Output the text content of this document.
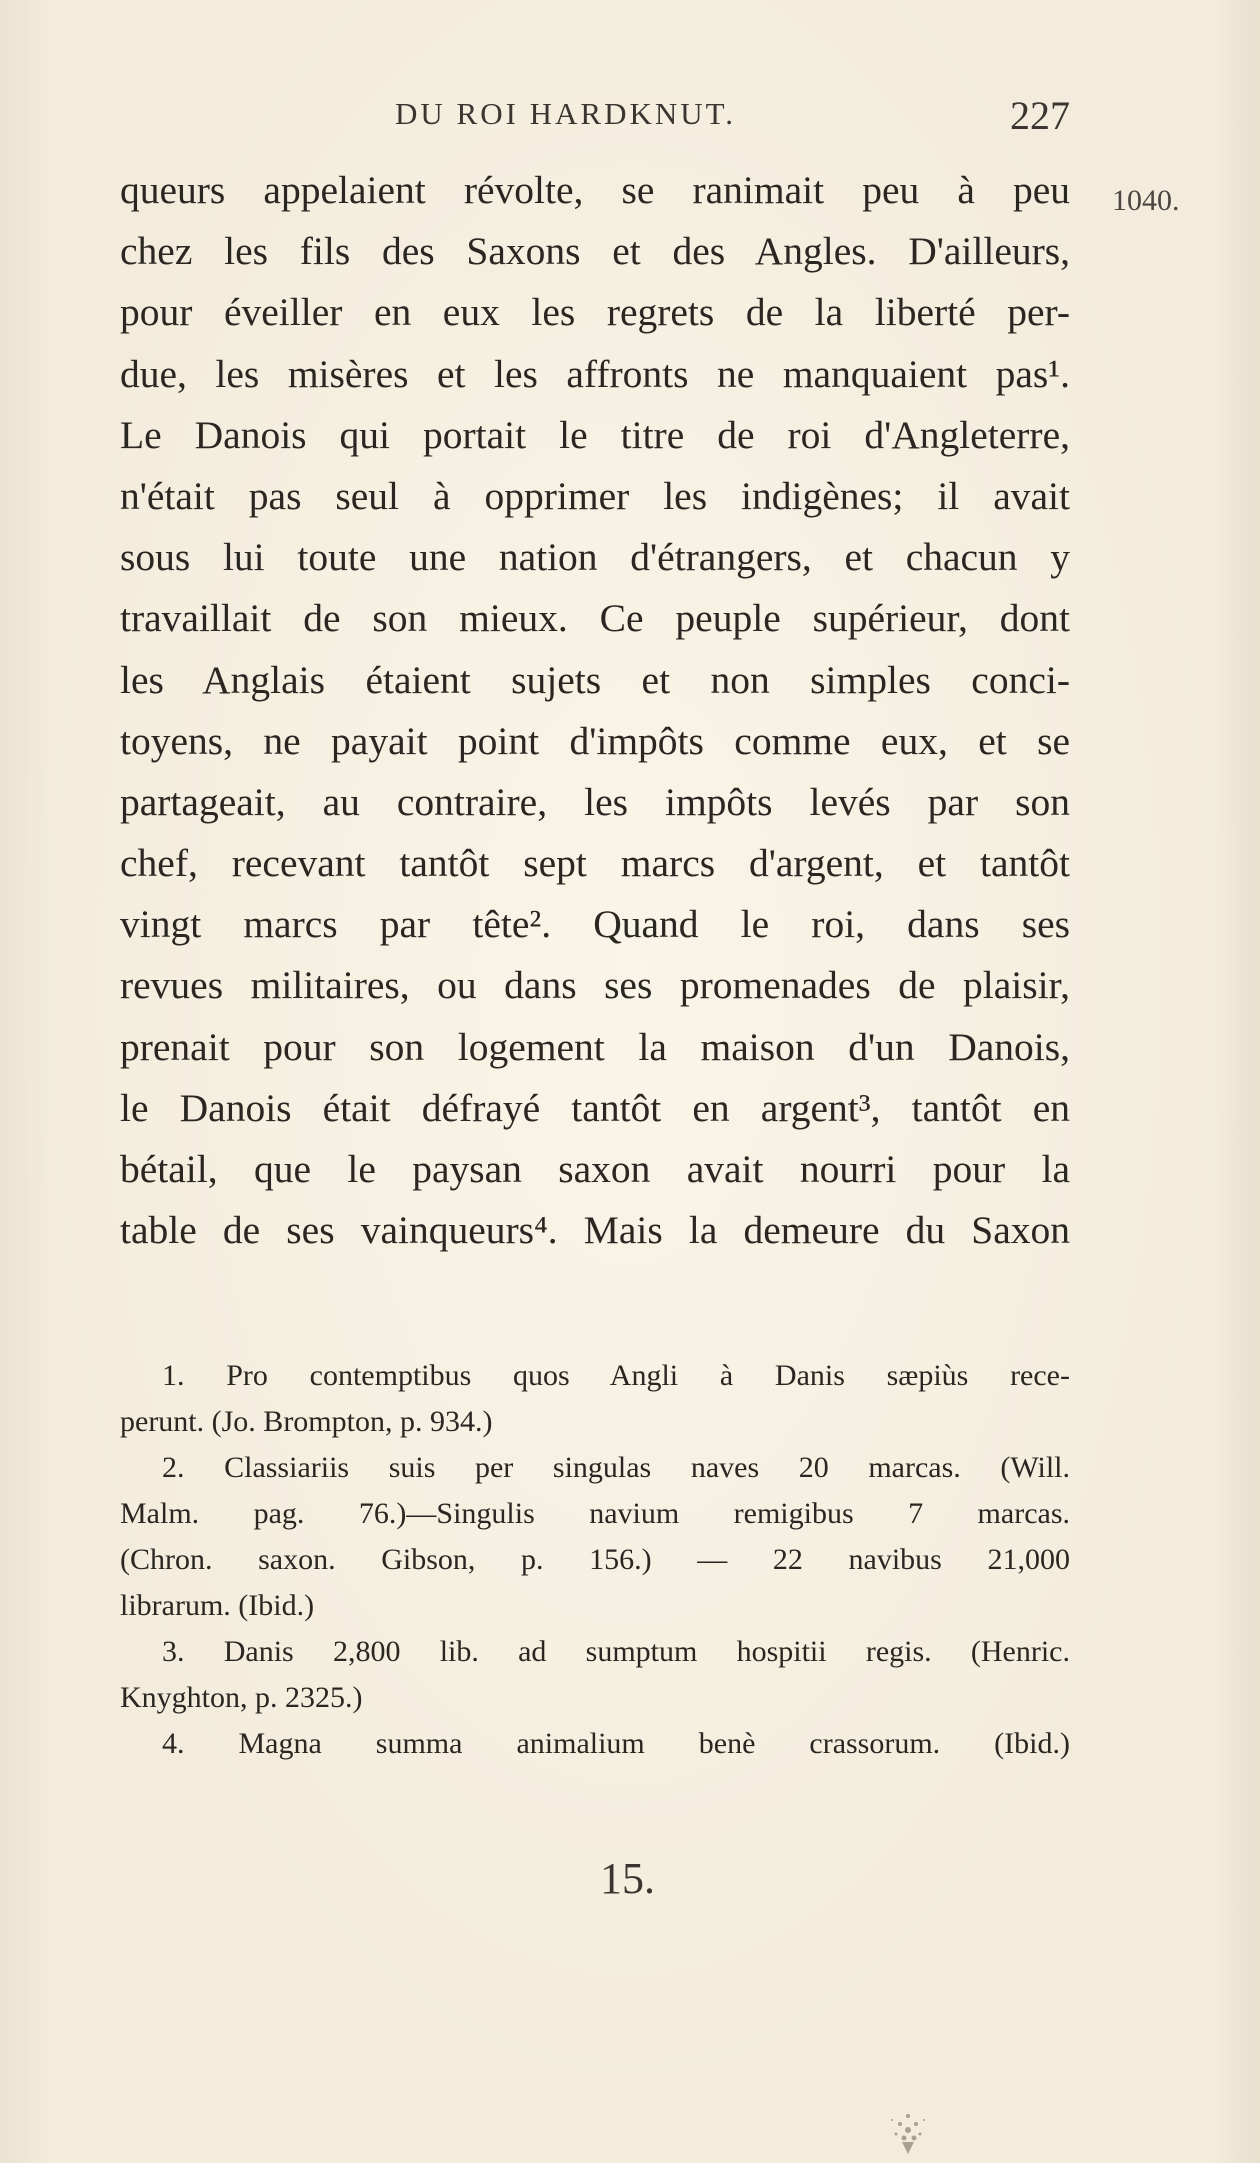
DU ROI HARDKNUT.	227
1040.
queurs appelaient révolte, se ranimait peu à peu
chez les fils des Saxons et des Angles. D'ailleurs,
pour éveiller en eux les regrets de la liberté per-
due, les misères et les affronts ne manquaient pas¹.
Le Danois qui portait le titre de roi d'Angleterre,
n'était pas seul à opprimer les indigènes; il avait
sous lui toute une nation d'étrangers, et chacun y
travaillait de son mieux. Ce peuple supérieur, dont
les Anglais étaient sujets et non simples conci-
toyens, ne payait point d'impôts comme eux, et se
partageait, au contraire, les impôts levés par son
chef, recevant tantôt sept marcs d'argent, et tantôt
vingt marcs par tête². Quand le roi, dans ses
revues militaires, ou dans ses promenades de plaisir,
prenait pour son logement la maison d'un Danois,
le Danois était défrayé tantôt en argent³, tantôt en
bétail, que le paysan saxon avait nourri pour la
table de ses vainqueurs⁴. Mais la demeure du Saxon
1. Pro contemptibus quos Angli à Danis sæpiùs rece-
perunt. (Jo. Brompton, p. 934.)
2. Classiariis suis per singulas naves 20 marcas. (Will.
Malm. pag. 76.)—Singulis navium remigibus 7 marcas.
(Chron. saxon. Gibson, p. 156.) — 22 navibus 21,000
librarum. (Ibid.)
3. Danis 2,800 lib. ad sumptum hospitii regis. (Henric.
Knyghton, p. 2325.)
4. Magna summa animalium benè crassorum. (Ibid.)
15.
